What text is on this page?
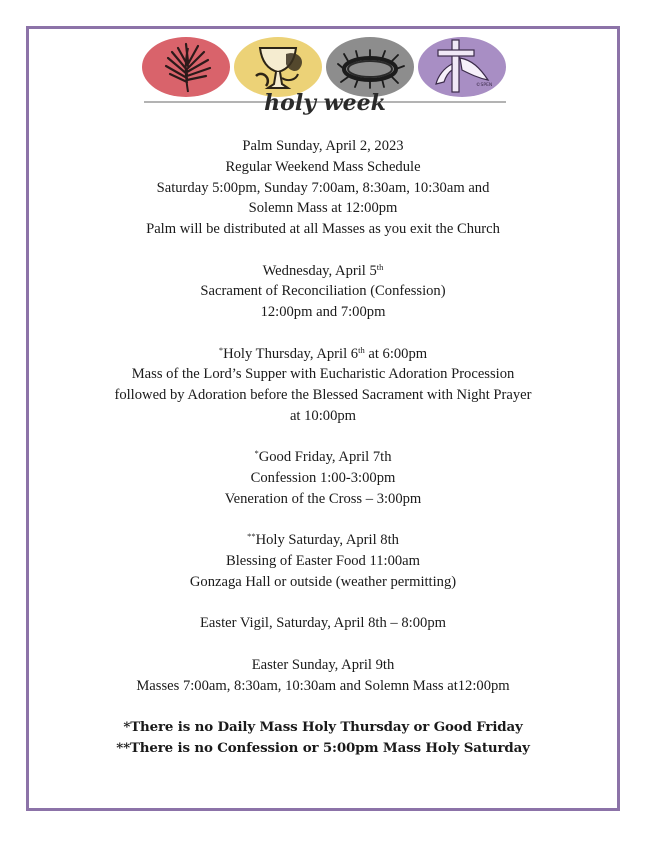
©SPEN
holy week

Palm Sunday, April 2, 2023

Regular Weekend Mass Schedule

Saturday 5:00pm, Sunday 7:00am, 8:30am, 10:30am and

Solemn Mass at 12:00pm

Palm will be distributed at all Masses as you exit the Church

Wednesday, April 5th

Sacrament of Reconciliation (Confession)

12:00pm and 7:00pm

*Holy Thursday, April 6th at 6:00pm

Mass of the Lord’s Supper with Eucharistic Adoration Procession

followed by Adoration before the Blessed Sacrament with Night Prayer

at 10:00pm

*Good Friday, April 7th

Confession 1:00-3:00pm

Veneration of the Cross – 3:00pm

**Holy Saturday, April 8th

Blessing of Easter Food 11:00am

Gonzaga Hall or outside (weather permitting)

Easter Vigil, Saturday, April 8th – 8:00pm

Easter Sunday, April 9th

Masses 7:00am, 8:30am, 10:30am and Solemn Mass at12:00pm

*There is no Daily Mass Holy Thursday or Good Friday

**There is no Confession or 5:00pm Mass Holy Saturday
